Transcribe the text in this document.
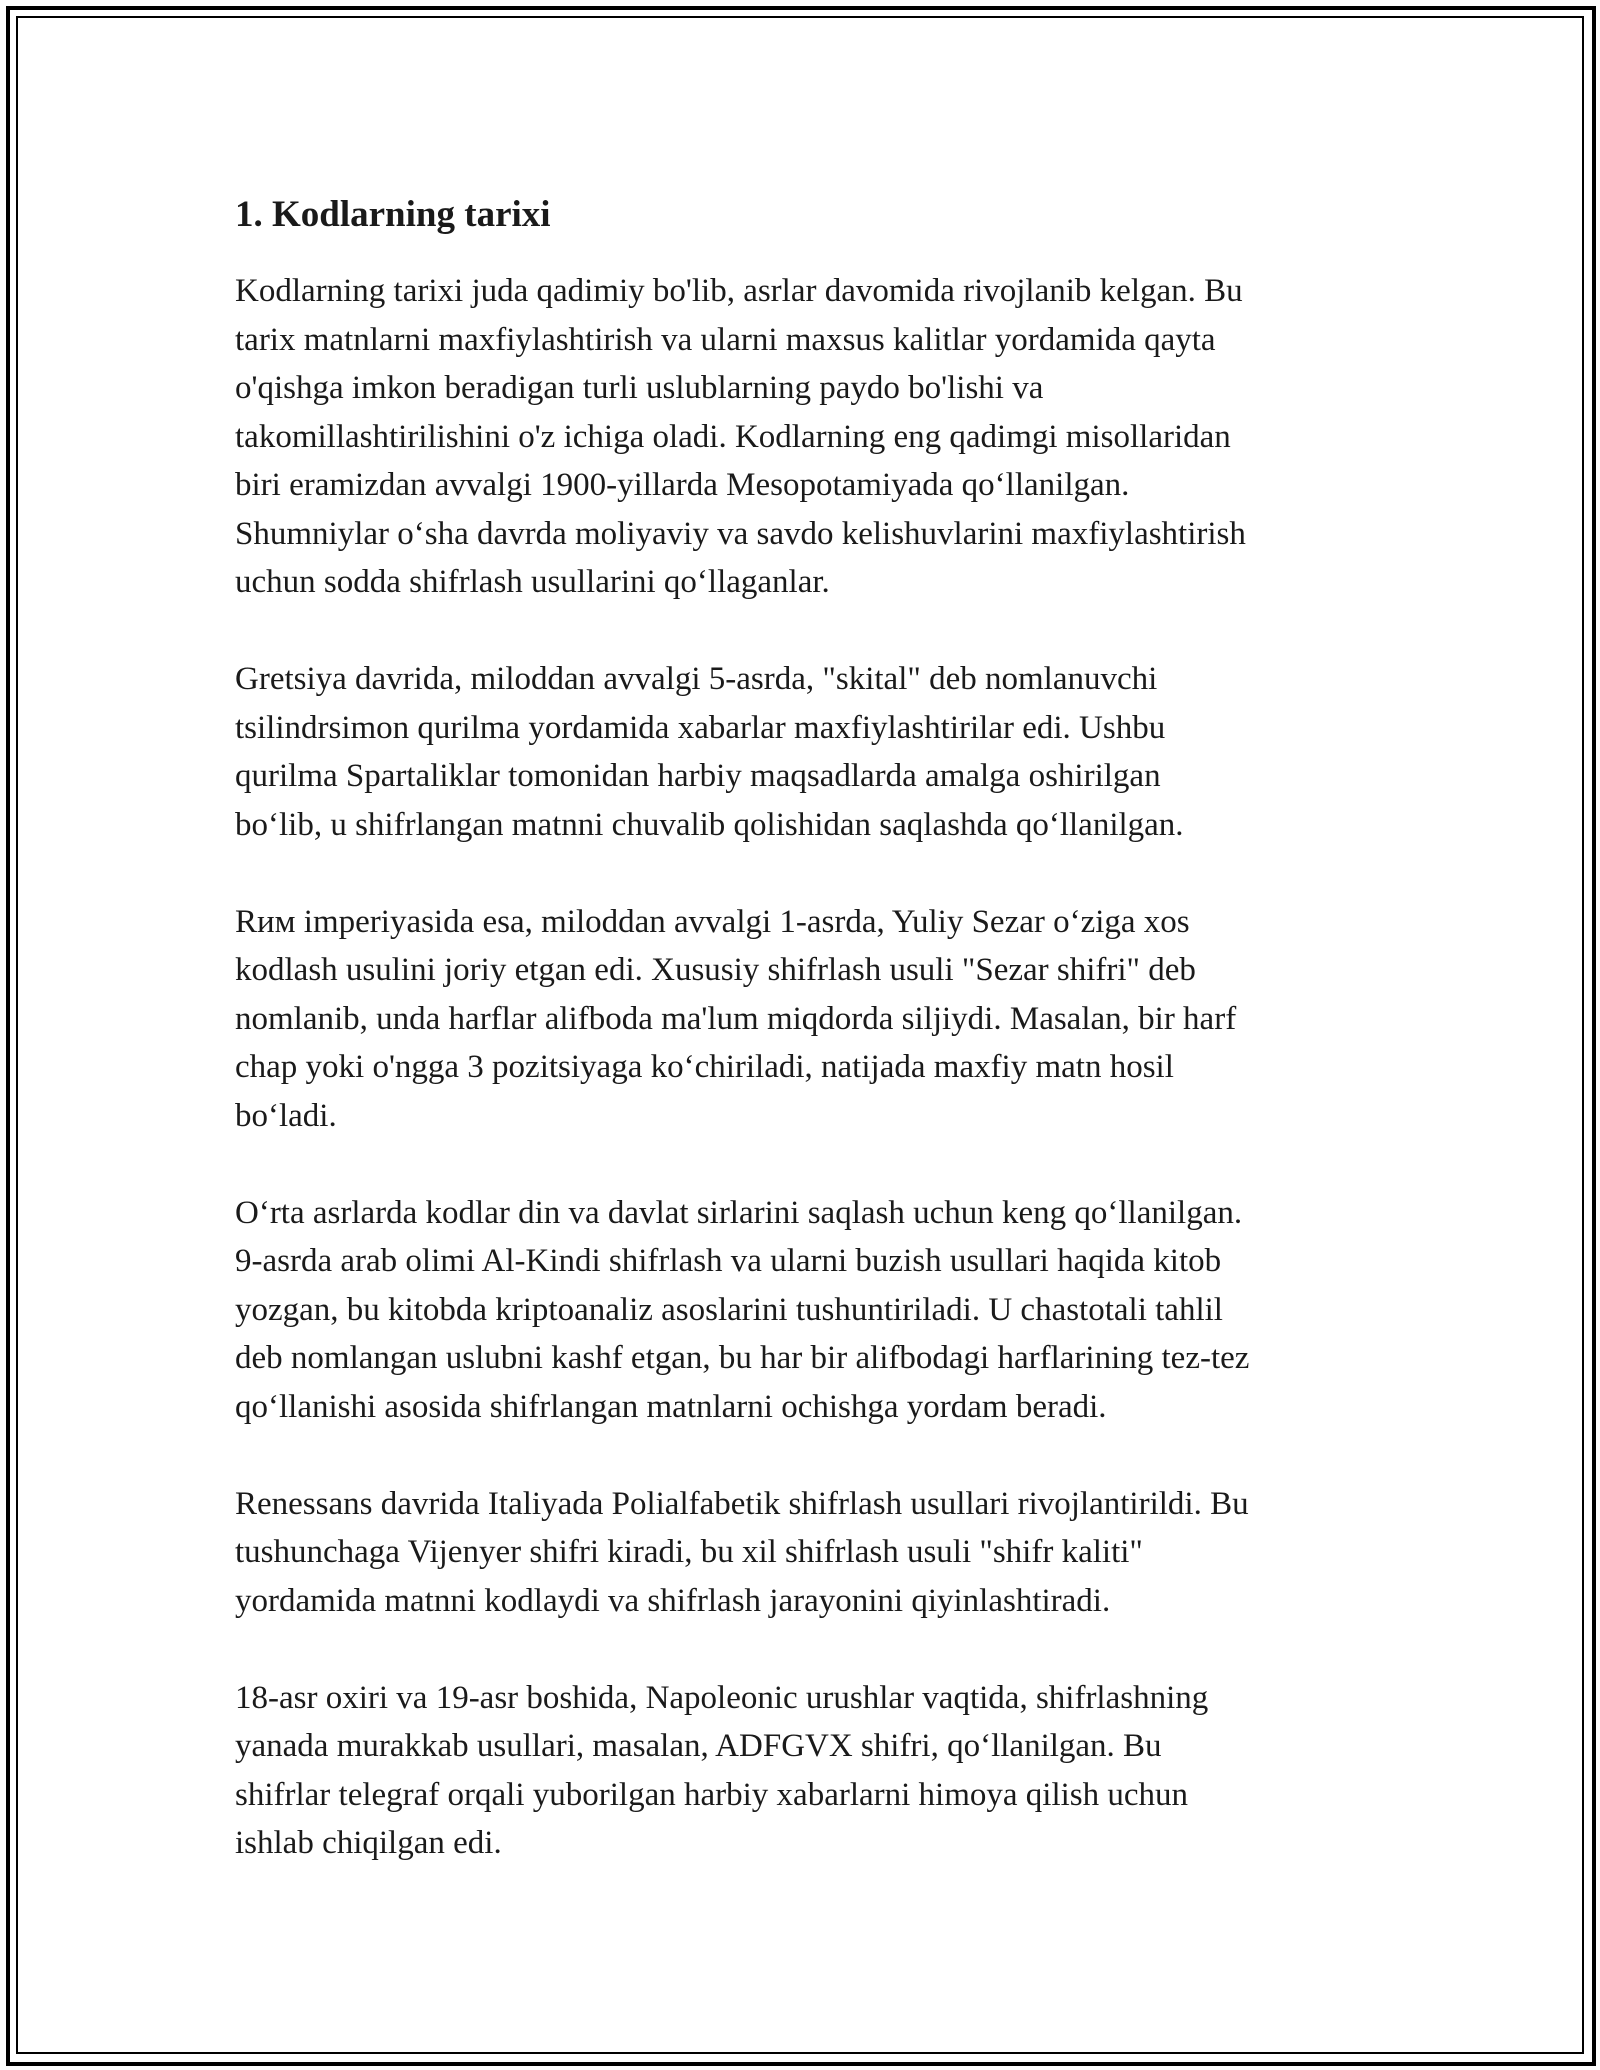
1. Kodlarning tarixi

Kodlarning tarixi juda qadimiy bo'lib, asrlar davomida rivojlanib kelgan. Bu
tarix matnlarni maxfiylashtirish va ularni maxsus kalitlar yordamida qayta
o'qishga imkon beradigan turli uslublarning paydo bo'lishi va
takomillashtirilishini o'z ichiga oladi. Kodlarning eng qadimgi misollaridan
biri eramizdan avvalgi 1900-yillarda Mesopotamiyada qoʻllanilgan.
Shumniylar oʻsha davrda moliyaviy va savdo kelishuvlarini maxfiylashtirish
uchun sodda shifrlash usullarini qoʻllaganlar.

Gretsiya davrida, miloddan avvalgi 5-asrda, "skital" deb nomlanuvchi
tsilindrsimon qurilma yordamida xabarlar maxfiylashtirilar edi. Ushbu
qurilma Spartaliklar tomonidan harbiy maqsadlarda amalga oshirilgan
boʻlib, u shifrlangan matnni chuvalib qolishidan saqlashda qoʻllanilgan.

Rим imperiyasida esa, miloddan avvalgi 1-asrda, Yuliy Sezar oʻziga xos
kodlash usulini joriy etgan edi. Xususiy shifrlash usuli "Sezar shifri" deb
nomlanib, unda harflar alifboda ma'lum miqdorda siljiydi. Masalan, bir harf
chap yoki o'ngga 3 pozitsiyaga koʻchiriladi, natijada maxfiy matn hosil
boʻladi.

Oʻrta asrlarda kodlar din va davlat sirlarini saqlash uchun keng qoʻllanilgan.
9-asrda arab olimi Al-Kindi shifrlash va ularni buzish usullari haqida kitob
yozgan, bu kitobda kriptoanaliz asoslarini tushuntiriladi. U chastotali tahlil
deb nomlangan uslubni kashf etgan, bu har bir alifbodagi harflarining tez-tez
qoʻllanishi asosida shifrlangan matnlarni ochishga yordam beradi.

Renessans davrida Italiyada Polialfabetik shifrlash usullari rivojlantirildi. Bu
tushunchaga Vijenyer shifri kiradi, bu xil shifrlash usuli "shifr kaliti"
yordamida matnni kodlaydi va shifrlash jarayonini qiyinlashtiradi.

18-asr oxiri va 19-asr boshida, Napoleonic urushlar vaqtida, shifrlashning
yanada murakkab usullari, masalan, ADFGVX shifri, qoʻllanilgan. Bu
shifrlar telegraf orqali yuborilgan harbiy xabarlarni himoya qilish uchun
ishlab chiqilgan edi.
